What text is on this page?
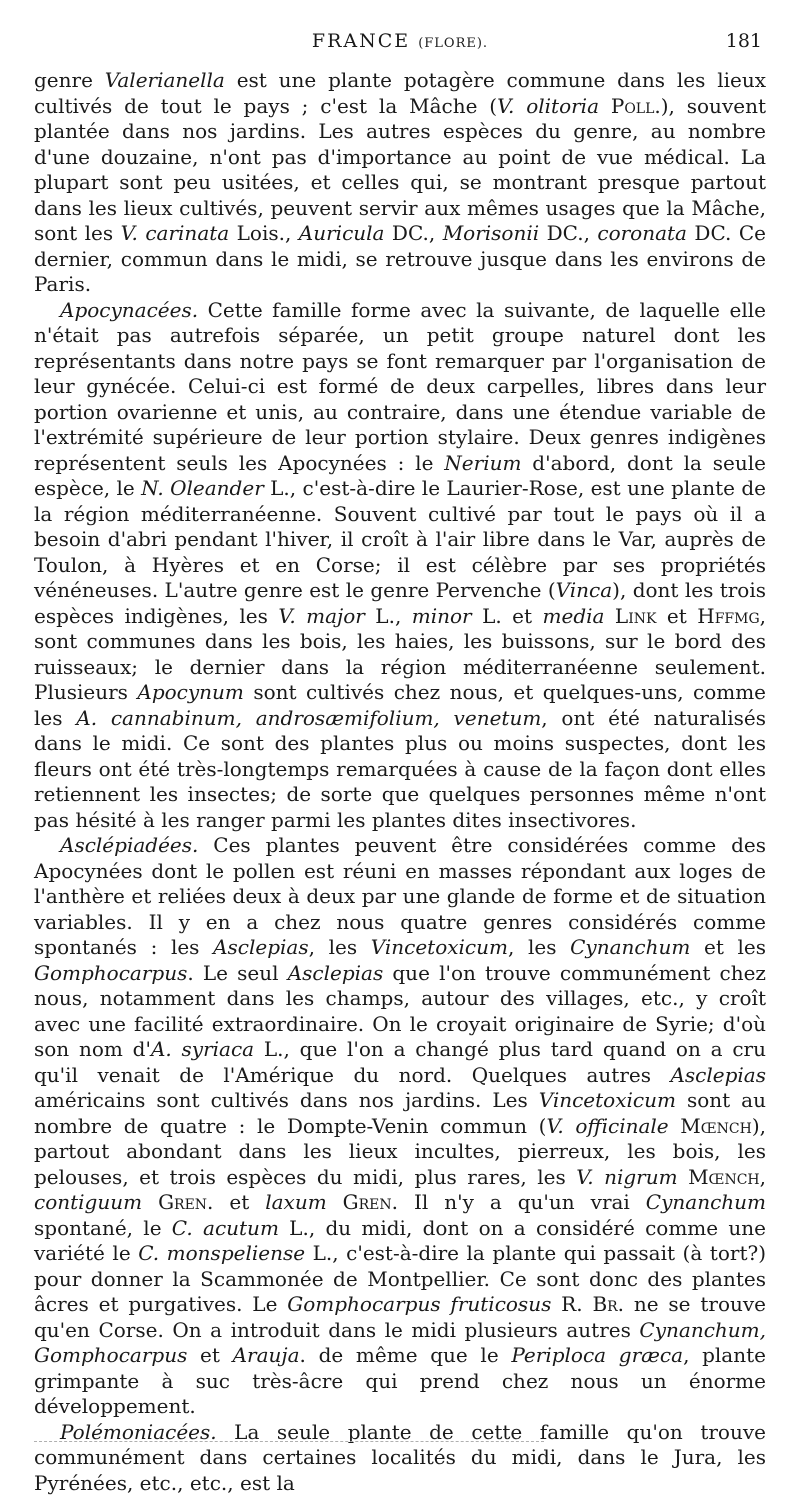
FRANCE (FLORE).	181

genre Valerianella est une plante potagère commune dans les lieux cultivés de tout le pays ; c'est la Mâche (V. olitoria Poll.), souvent plantée dans nos jardins. Les autres espèces du genre, au nombre d'une douzaine, n'ont pas d'importance au point de vue médical. La plupart sont peu usitées, et celles qui, se montrant presque partout dans les lieux cultivés, peuvent servir aux mêmes usages que la Mâche, sont les V. carinata Lois., Auricula DC., Morisonii DC., coronata DC. Ce dernier, commun dans le midi, se retrouve jusque dans les environs de Paris.

Apocynacées. Cette famille forme avec la suivante, de laquelle elle n'était pas autrefois séparée, un petit groupe naturel dont les représentants dans notre pays se font remarquer par l'organisation de leur gynécée. Celui-ci est formé de deux carpelles, libres dans leur portion ovarienne et unis, au contraire, dans une étendue variable de l'extrémité supérieure de leur portion stylaire. Deux genres indigènes représentent seuls les Apocynées : le Nerium d'abord, dont la seule espèce, le N. Oleander L., c'est-à-dire le Laurier-Rose, est une plante de la région méditerranéenne. Souvent cultivé par tout le pays où il a besoin d'abri pendant l'hiver, il croît à l'air libre dans le Var, auprès de Toulon, à Hyères et en Corse; il est célèbre par ses propriétés vénéneuses. L'autre genre est le genre Pervenche (Vinca), dont les trois espèces indigènes, les V. major L., minor L. et media Link et Hffmg, sont communes dans les bois, les haies, les buissons, sur le bord des ruisseaux; le dernier dans la région méditerranéenne seulement. Plusieurs Apocynum sont cultivés chez nous, et quelques-uns, comme les A. cannabinum, androsæmifolium, venetum, ont été naturalisés dans le midi. Ce sont des plantes plus ou moins suspectes, dont les fleurs ont été très-longtemps remarquées à cause de la façon dont elles retiennent les insectes; de sorte que quelques personnes même n'ont pas hésité à les ranger parmi les plantes dites insectivores.

Asclépiadées. Ces plantes peuvent être considérées comme des Apocynées dont le pollen est réuni en masses répondant aux loges de l'anthère et reliées deux à deux par une glande de forme et de situation variables. Il y en a chez nous quatre genres considérés comme spontanés : les Asclepias, les Vincetoxicum, les Cynanchum et les Gomphocarpus. Le seul Asclepias que l'on trouve communément chez nous, notamment dans les champs, autour des villages, etc., y croît avec une facilité extraordinaire. On le croyait originaire de Syrie; d'où son nom d'A. syriaca L., que l'on a changé plus tard quand on a cru qu'il venait de l'Amérique du nord. Quelques autres Asclepias américains sont cultivés dans nos jardins. Les Vincetoxicum sont au nombre de quatre : le Dompte-Venin commun (V. officinale Mœnch), partout abondant dans les lieux incultes, pierreux, les bois, les pelouses, et trois espèces du midi, plus rares, les V. nigrum Mœnch, contiguum Gren. et laxum Gren. Il n'y a qu'un vrai Cynanchum spontané, le C. acutum L., du midi, dont on a considéré comme une variété le C. monspeliense L., c'est-à-dire la plante qui passait (à tort?) pour donner la Scammonée de Montpellier. Ce sont donc des plantes âcres et purgatives. Le Gomphocarpus fruticosus R. Br. ne se trouve qu'en Corse. On a introduit dans le midi plusieurs autres Cynanchum, Gomphocarpus et Arauja. de même que le Periploca græca, plante grimpante à suc très-âcre qui prend chez nous un énorme développement.

Polémoniacées. La seule plante de cette famille qu'on trouve communément dans certaines localités du midi, dans le Jura, les Pyrénées, etc., etc., est la
